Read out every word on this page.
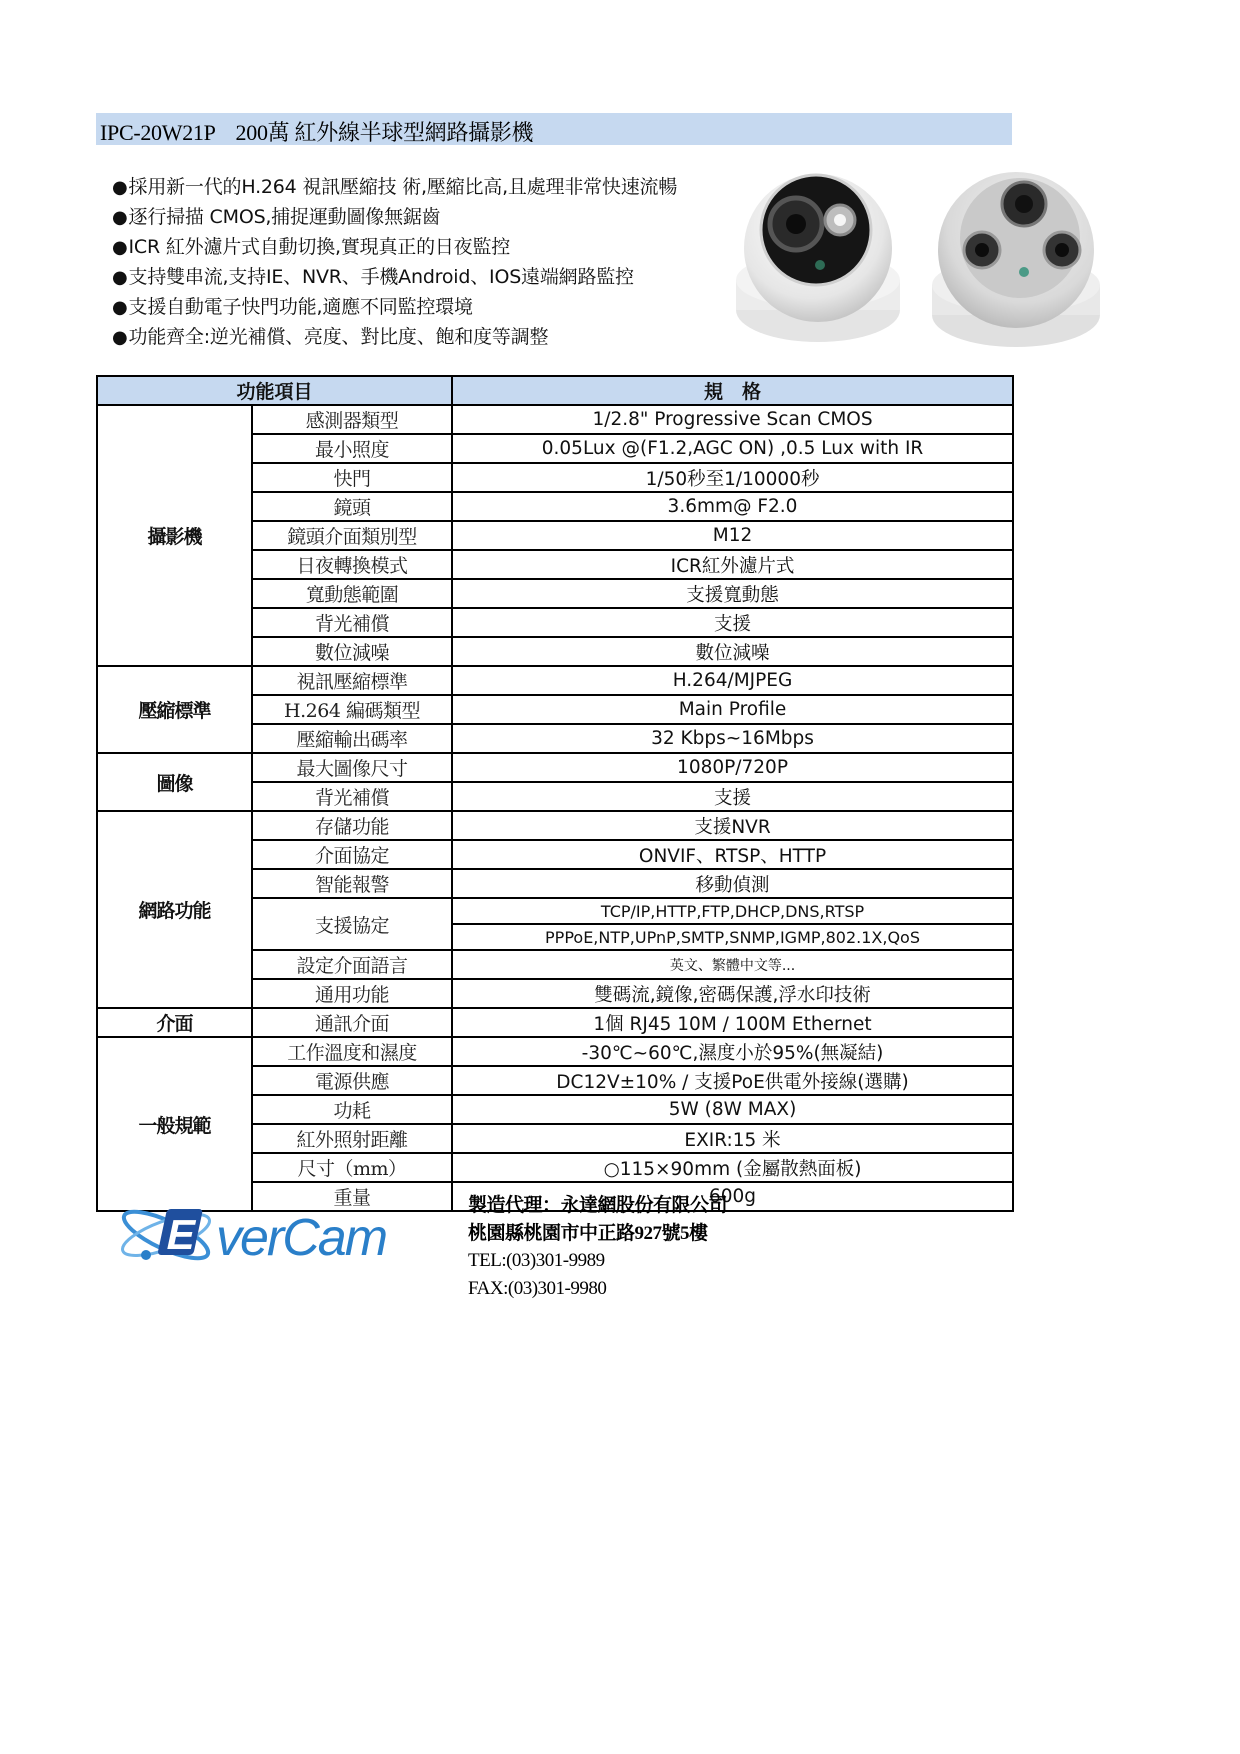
IPC-20W21P    200萬 紅外線半球型網路攝影機
●採用新一代的H.264 視訊壓縮技 術,壓縮比高,且處理非常快速流暢
●逐行掃描 CMOS,捕捉運動圖像無鋸齒
●ICR 紅外濾片式自動切換,實現真正的日夜監控
●支持雙串流,支持IE、NVR、手機Android、IOS遠端網路監控
●支援自動電子快門功能,適應不同監控環境
●功能齊全:逆光補償、亮度、對比度、飽和度等調整
功能項目		規　格
攝影機	感測器類型	1/2.8" Progressive Scan CMOS
	最小照度	0.05Lux @(F1.2,AGC ON) ,0.5 Lux with IR
	快門	1/50秒至1/10000秒
	鏡頭	3.6mm@ F2.0
	鏡頭介面類別型	M12
	日夜轉換模式	ICR紅外濾片式
	寬動態範圍	支援寬動態
	背光補償	支援
	數位減噪	數位減噪
壓縮標準	視訊壓縮標準	H.264/MJPEG
	H.264 編碼類型	Main Profile
	壓縮輸出碼率	32 Kbps~16Mbps
圖像	最大圖像尺寸	1080P/720P
	背光補償	支援
網路功能	存儲功能	支援NVR
	介面協定	ONVIF、RTSP、HTTP
	智能報警	移動偵測
	支援協定	TCP/IP,HTTP,FTP,DHCP,DNS,RTSP
		PPPoE,NTP,UPnP,SMTP,SNMP,IGMP,802.1X,QoS
	設定介面語言	英文、繁體中文等...
	通用功能	雙碼流,鏡像,密碼保護,浮水印技術
介面	通訊介面	1個 RJ45 10M / 100M Ethernet
一般規範	工作溫度和濕度	-30℃~60℃,濕度小於95%(無凝結)
	電源供應	DC12V±10% / 支援PoE供電外接線(選購)
	功耗	5W (8W MAX)
	紅外照射距離	EXIR:15 米
	尺寸（mm）	○115×90mm (金屬散熱面板)
	重量	600g
E verCam
製造代理：永達網股份有限公司
桃園縣桃園市中正路927號5樓
TEL:(03)301-9989
FAX:(03)301-9980
